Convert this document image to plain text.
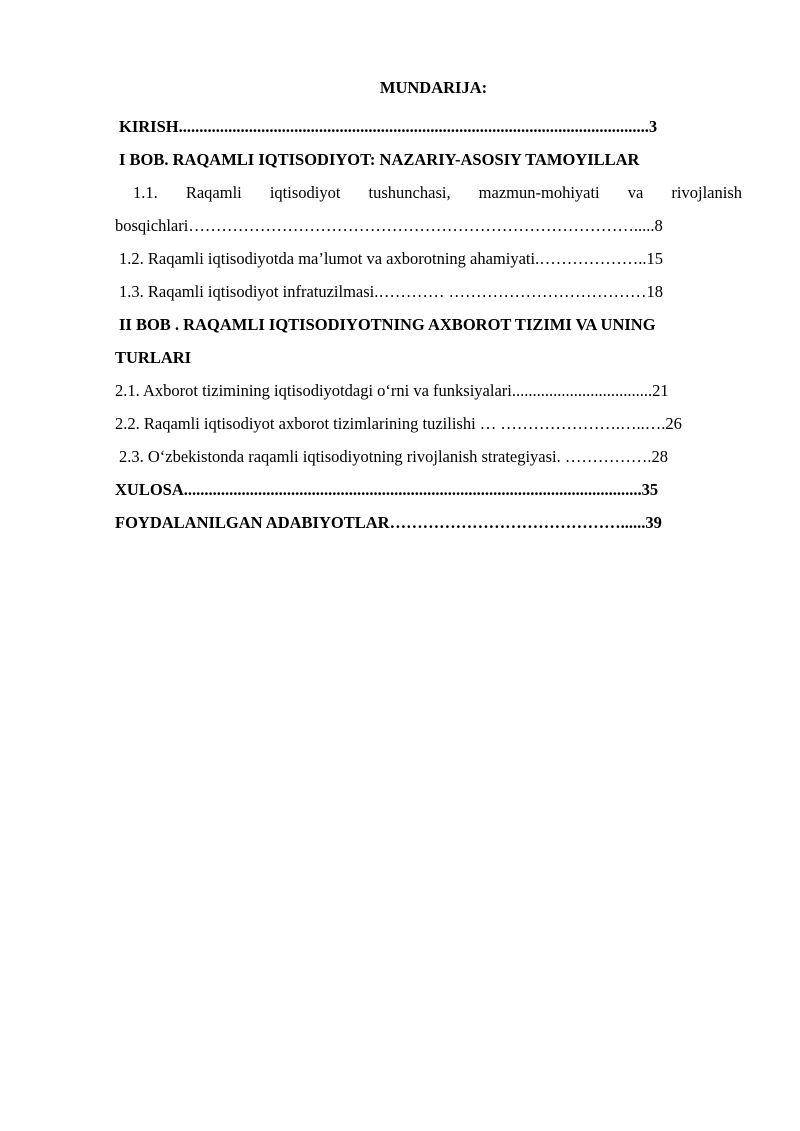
MUNDARIJA:
KIRISH..................................................................................................................3
I BOB. RAQAMLI IQTISODIYOT: NAZARIY-ASOSIY TAMOYILLAR
1.1. Raqamli iqtisodiyot tushunchasi, mazmun-mohiyati va rivojlanish
bosqichlari……………………………………………………………………….....8
1.2. Raqamli iqtisodiyotda ma’lumot va axborotning ahamiyati.………………..15
1.3. Raqamli iqtisodiyot infratuzilmasi.………… ………………………………18
II BOB . RAQAMLI IQTISODIYOTNING AXBOROT TIZIMI VA UNING
TURLARI
2.1. Axborot tizimining iqtisodiyotdagi o‘rni va funksiyalari..................................21
2.2. Raqamli iqtisodiyot axborot tizimlarining tuzilishi … ………………….…..….26
2.3. O‘zbekistonda raqamli iqtisodiyotning rivojlanish strategiyasi. …………….28
XULOSA...............................................................................................................35
FOYDALANILGAN ADABIYOTLAR……………………………………......39
